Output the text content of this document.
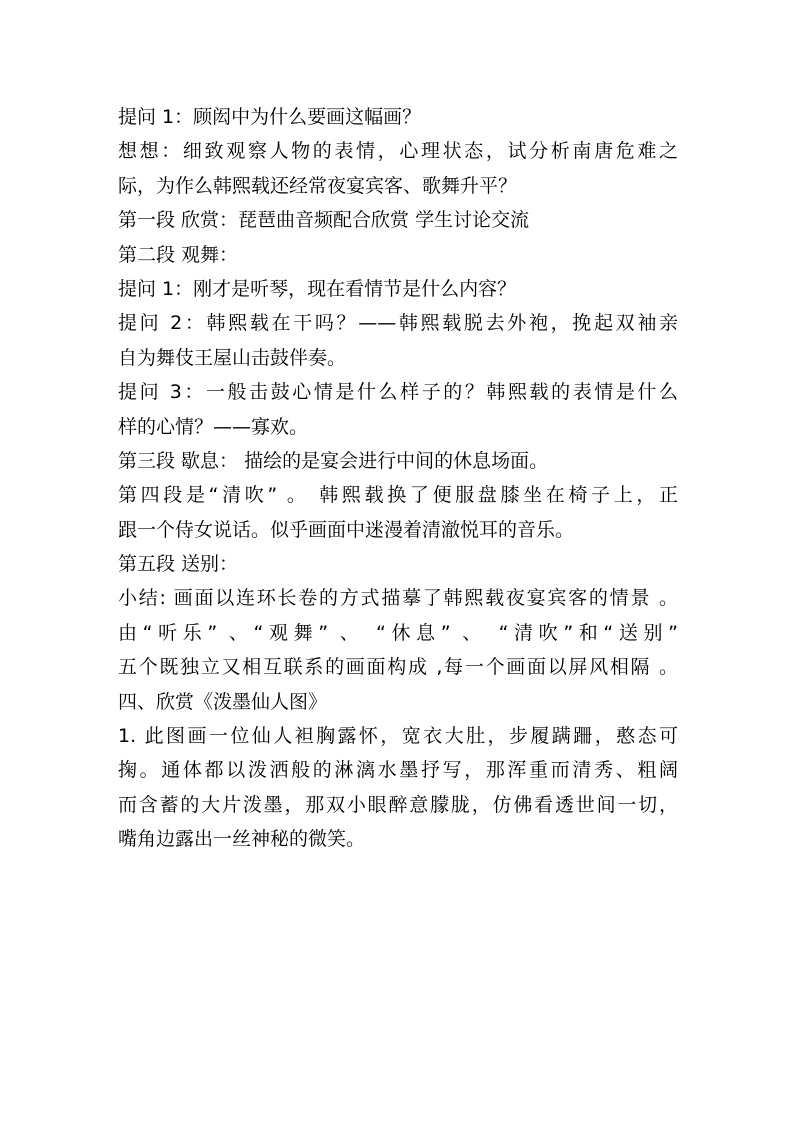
提问 1：顾闳中为什么要画这幅画？
想想：细致观察人物的表情，心理状态，试分析南唐危难之
际，为作么韩熙载还经常夜宴宾客、歌舞升平？
第一段 欣赏：琵琶曲音频配合欣赏 学生讨论交流
第二段 观舞：
提问 1：刚才是听琴，现在看情节是什么内容？
提问 2：韩熙载在干吗？——韩熙载脱去外袍，挽起双袖亲
自为舞伎王屋山击鼓伴奏。
提问 3：一般击鼓心情是什么样子的？韩熙载的表情是什么
样的心情？——寡欢。
第三段 歇息： 描绘的是宴会进行中间的休息场面。
第四段是“清吹” 。 韩熙载换了便服盘膝坐在椅子上，正
跟一个侍女说话。似乎画面中迷漫着清澈悦耳的音乐。
第五段 送别：
小结: 画面以连环长卷的方式描摹了韩熙载夜宴宾客的情景 。
由“听乐” 、“观舞” 、 “休息” 、 “清吹”和“送别”
五个既独立又相互联系的画面构成 ,每一个画面以屏风相隔 。
四、欣赏《泼墨仙人图》
1. 此图画一位仙人袒胸露怀，宽衣大肚，步履蹒跚，憨态可
掬。通体都以泼洒般的淋漓水墨抒写，那浑重而清秀、粗阔
而含蓄的大片泼墨，那双小眼醉意朦胧，仿佛看透世间一切，
嘴角边露出一丝神秘的微笑。
